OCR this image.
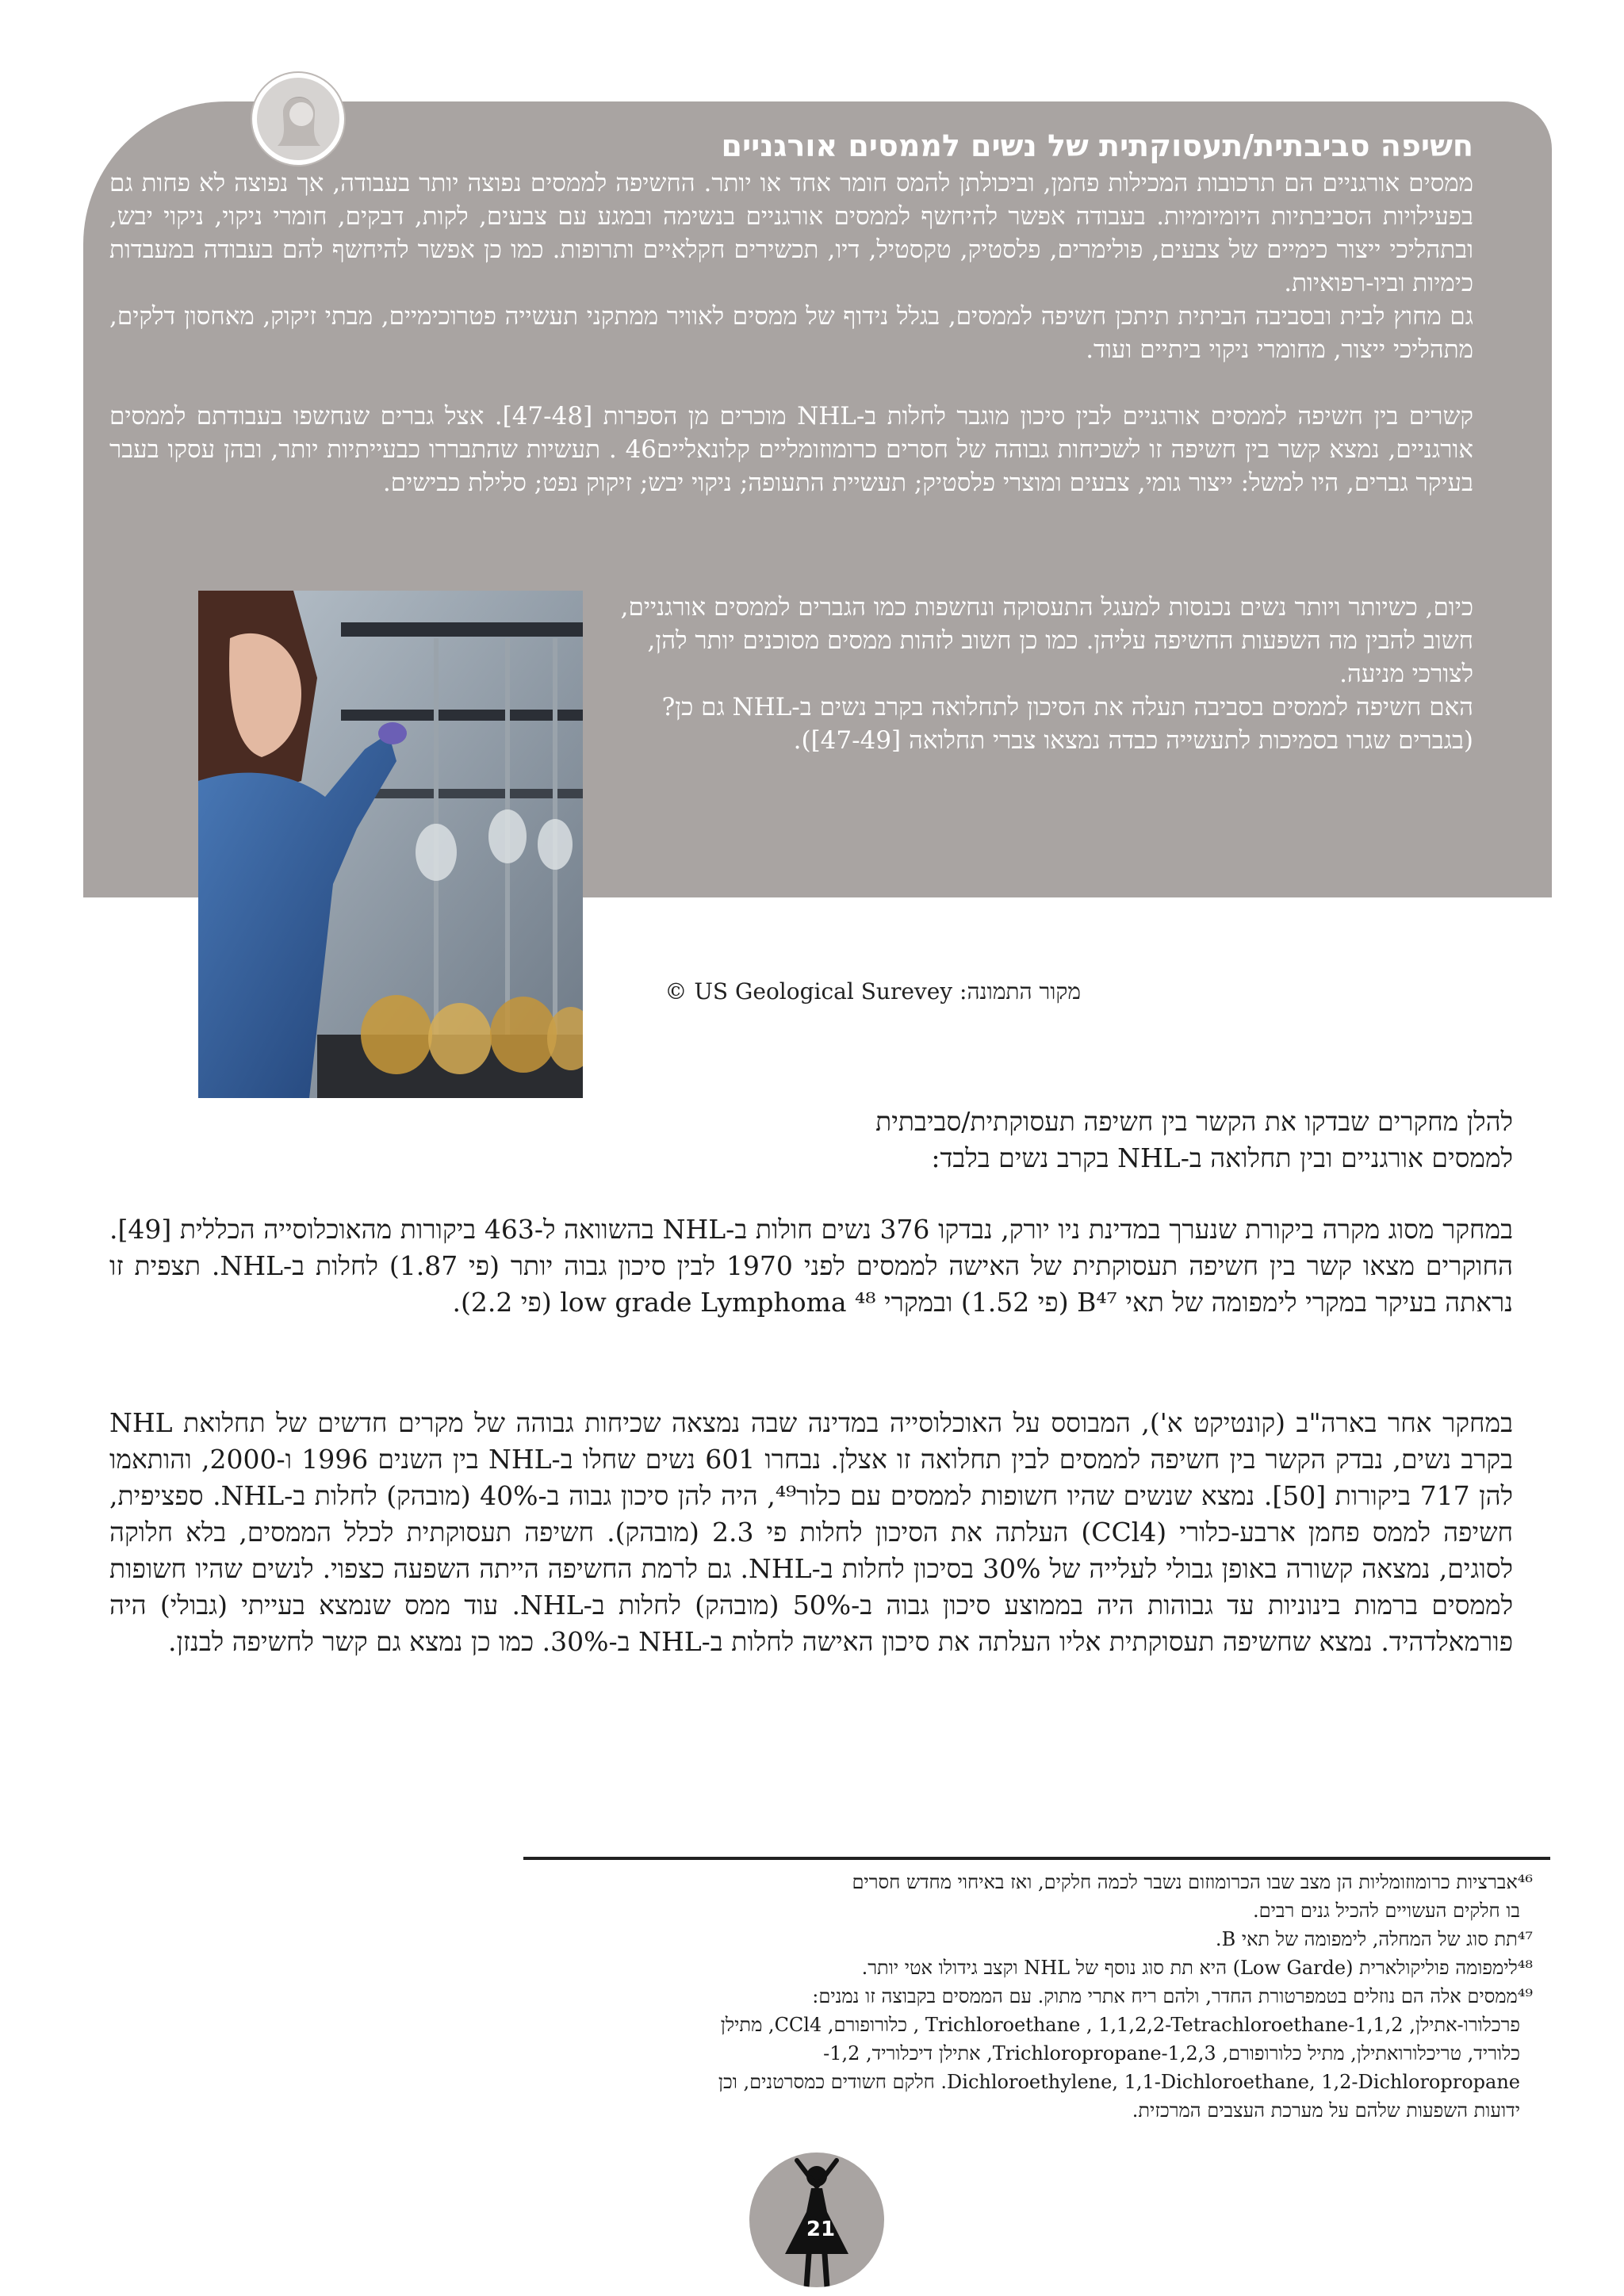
חשיפה סביבתית/תעסוקתית של נשים לממסים אורגניים

ממסים אורגניים הם תרכובות המכילות פחמן, וביכולתן להמס חומר אחד או יותר. החשיפה לממסים נפוצה יותר בעבודה, אך נפוצה לא פחות גם בפעילויות הסביבתיות היומיומיות. בעבודה אפשר להיחשף לממסים אורגניים בנשימה ובמגע עם צבעים, לקות, דבקים, חומרי ניקוי, ניקוי יבש, ובתהליכי ייצור כימיים של צבעים, פולימרים, פלסטיק, טקסטיל, דיו, תכשירים חקלאיים ותרופות. כמו כן אפשר להיחשף להם בעבודה במעבדות כימיות וביו-רפואיות.

גם מחוץ לבית ובסביבה הביתית תיתכן חשיפה לממסים, בגלל נידוף של ממסים לאוויר ממתקני תעשייה פטרוכימיים, מבתי זיקוק, מאחסון דלקים, מתהליכי ייצור, מחומרי ניקוי ביתיים ועוד.

קשרים בין חשיפה לממסים אורגניים לבין סיכון מוגבר לחלות ב-NHL מוכרים מן הספרות [47-48]. אצל גברים שנחשפו בעבודתם לממסים אורגניים, נמצא קשר בין חשיפה זו לשכיחות גבוהה של חסרים כרומוזומליים קלונאליים46 . תעשיות שהתבררו כבעייתיות יותר, ובהן עסקו בעבר בעיקר גברים, היו למשל: ייצור גומי, צבעים ומוצרי פלסטיק; תעשיית התעופה; ניקוי יבש; זיקוק נפט; סלילת כבישים.

כיום, כשיותר ויותר נשים נכנסות למעגל התעסוקה ונחשפות כמו הגברים לממסים אורגניים, חשוב להבין מה השפעות החשיפה עליהן. כמו כן חשוב לזהות ממסים מסוכנים יותר להן, לצורכי מניעה.

האם חשיפה לממסים בסביבה תעלה את הסיכון לתחלואה בקרב נשים ב-NHL גם כן?

(בגברים שגרו בסמיכות לתעשייה כבדה נמצאו צברי תחלואה [47-49]).

מקור התמונה: US Geological Surevey ©

להלן מחקרים שבדקו את הקשר בין חשיפה תעסוקתית/סביבתית
לממסים אורגניים ובין תחלואה ב-NHL בקרב נשים בלבד:

במחקר מסוג מקרה ביקורת שנערך במדינת ניו יורק, נבדקו 376 נשים חולות ב-NHL בהשוואה ל-463 ביקורות מהאוכלוסייה הכללית [49]. החוקרים מצאו קשר בין חשיפה תעסוקתית של האישה לממסים לפני 1970 לבין סיכון גבוה יותר (פי 1.87) לחלות ב-NHL. תצפית זו נראתה בעיקר במקרי לימפומה של תאי B⁴⁷ (פי 1.52) ובמקרי low grade Lymphoma ⁴⁸ (פי 2.2).

במחקר אחר בארה"ב (קונטיקט א'), המבוסס על האוכלוסייה במדינה שבה נמצאה שכיחות גבוהה של מקרים חדשים של תחלואת NHL בקרב נשים, נבדק הקשר בין חשיפה לממסים לבין תחלואה זו אצלן. נבחרו 601 נשים שחלו ב-NHL בין השנים 1996 ו-2000, והותאמו להן 717 ביקורות [50]. נמצא שנשים שהיו חשופות לממסים עם כלור⁴⁹, היה להן סיכון גבוה ב-40% (מובהק) לחלות ב-NHL. ספציפית, חשיפה לממס פחמן ארבע-כלורי (CCl4) העלתה את הסיכון לחלות פי 2.3 (מובהק). חשיפה תעסוקתית לכלל הממסים, בלא חלוקה לסוגים, נמצאה קשורה באופן גבולי לעלייה של 30% בסיכון לחלות ב-NHL. גם לרמת החשיפה הייתה השפעה כצפוי. לנשים שהיו חשופות לממסים ברמות בינוניות עד גבוהות היה בממוצע סיכון גבוה ב-50% (מובהק) לחלות ב-NHL. עוד ממס שנמצא בעייתי (גבולי) היה פורמאלדהיד. נמצא שחשיפה תעסוקתית אליו העלתה את סיכון האישה לחלות ב-NHL ב-30%. כמו כן נמצא גם קשר לחשיפה לבנזן.

⁴⁶אברציות כרומוזומליות הן מצב שבו הכרומוזום נשבר לכמה חלקים, ואז באיחוי מחדש חסרים

בו חלקים העשויים להכיל גנים רבים.

⁴⁷תת סוג של המחלה, לימפומה של תאי B.

⁴⁸לימפומה פוליקולארית (Low Garde) היא תת סוג נוסף של NHL וקצב גידולו אטי יותר.

⁴⁹ממסים אלה הם נוזלים בטמפרטורת החדר, ולהם ריח אתרי מתוק. עם הממסים בקבוצה זו נמנים:

פרכלורו-אתילן, 1,1,2-Trichloroethane , 1,1,2,2-Tetrachloroethane , כלורופורם, CCl4, מתילן

כלוריד, טריכלורואתילן, מתיל כלורופורם, 1,2,3-Trichloropropane, אתילן דיכלוריד, 1,2-

Dichloroethylene, 1,1-Dichloroethane, 1,2-Dichloropropane. חלקם חשודים כמסרטנים, וכן

ידועות השפעות שלהם על מערכת העצבים המרכזית.

21
